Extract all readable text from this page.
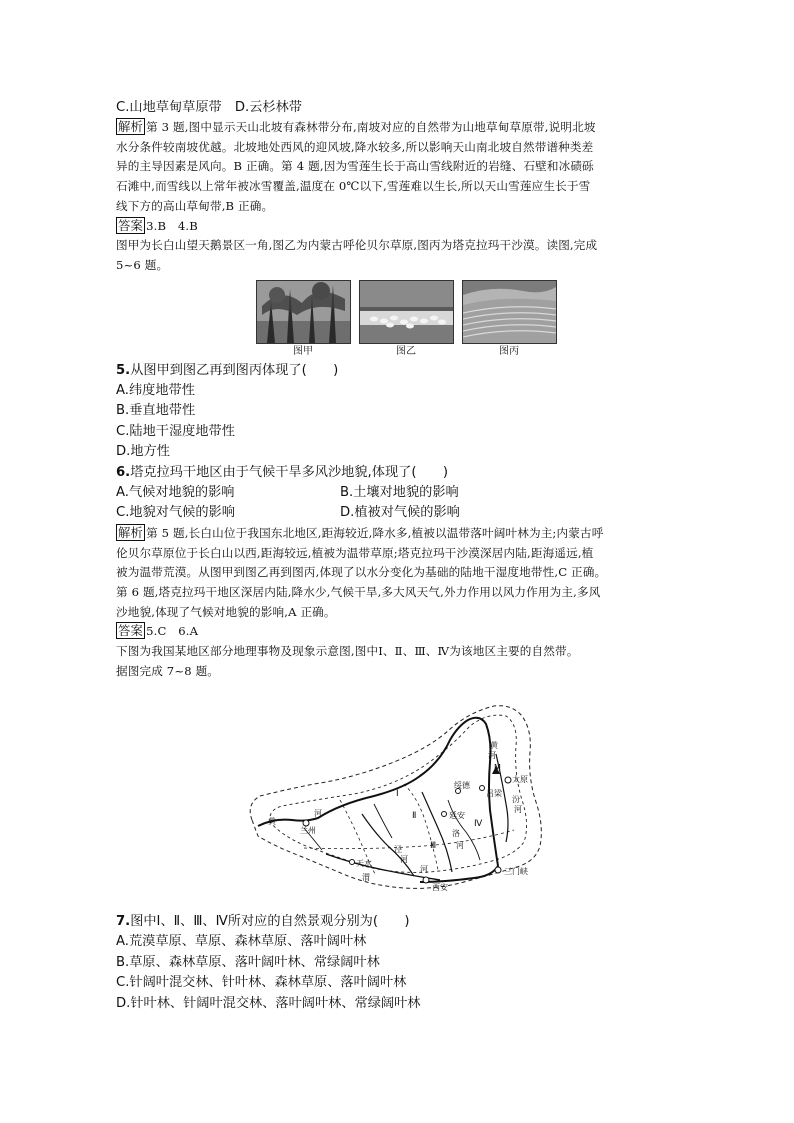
C.山地草甸草原带　D.云杉林带
解析 第 3 题,图中显示天山北坡有森林带分布,南坡对应的自然带为山地草甸草原带,说明北坡
水分条件较南坡优越。北坡地处西风的迎风坡,降水较多,所以影响天山南北坡自然带谱种类差
异的主导因素是风向。B 正确。第 4 题,因为雪莲生长于高山雪线附近的岩缝、石壁和冰碛砾
石滩中,而雪线以上常年被冰雪覆盖,温度在 0℃以下,雪莲难以生长,所以天山雪莲应生长于雪
线下方的高山草甸带,B 正确。
答案 3.B　4.B
图甲为长白山望天鹅景区一角,图乙为内蒙古呼伦贝尔草原,图丙为塔克拉玛干沙漠。读图,完成
5~6 题。
图甲	图乙	图丙
5.从图甲到图乙再到图丙体现了(　　)
A.纬度地带性
B.垂直地带性
C.陆地干湿度地带性
D.地方性
6.塔克拉玛干地区由于气候干旱多风沙地貌,体现了(　　)
A.气候对地貌的影响	B.土壤对地貌的影响
C.地貌对气候的影响	D.植被对气候的影响
解析 第 5 题,长白山位于我国东北地区,距海较近,降水多,植被以温带落叶阔叶林为主;内蒙古呼
伦贝尔草原位于长白山以西,距海较远,植被为温带草原;塔克拉玛干沙漠深居内陆,距海遥远,植
被为温带荒漠。从图甲到图乙再到图丙,体现了以水分变化为基础的陆地干湿度地带性,C 正确。
第 6 题,塔克拉玛干地区深居内陆,降水少,气候干旱,多大风天气,外力作用以风力作用为主,多风
沙地貌,体现了气候对地貌的影响,A 正确。
答案 5.C　6.A
下图为我国某地区部分地理事物及现象示意图,图中Ⅰ、Ⅱ、Ⅲ、Ⅳ为该地区主要的自然带。
据图完成 7~8 题。
黄
河
M
太原
绥德
吕梁
汾
河
延安
洛
河
黄
河
兰州
Ⅰ
Ⅱ
Ⅲ
Ⅳ
天水
泾
河
渭
河
西安
三门峡
7.图中Ⅰ、Ⅱ、Ⅲ、Ⅳ所对应的自然景观分别为(　　)
A.荒漠草原、草原、森林草原、落叶阔叶林
B.草原、森林草原、落叶阔叶林、常绿阔叶林
C.针阔叶混交林、针叶林、森林草原、落叶阔叶林
D.针叶林、针阔叶混交林、落叶阔叶林、常绿阔叶林
